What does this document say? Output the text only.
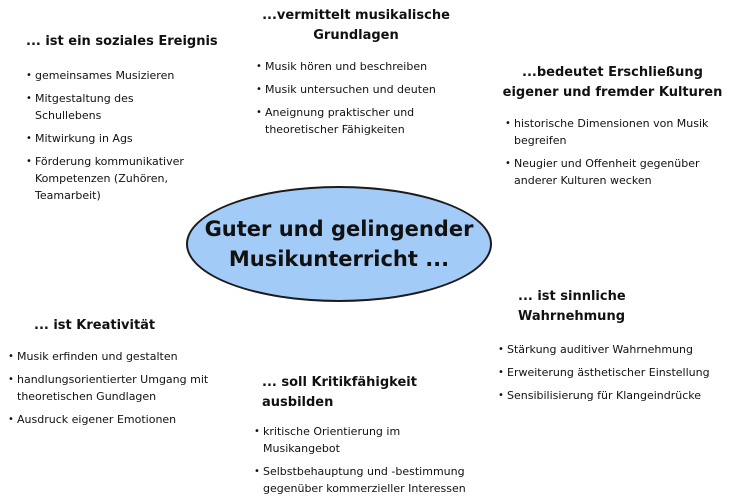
Guter und gelingender
Musikunterricht ...
... ist ein soziales Ereignis
• gemeinsames Musizieren
• Mitgestaltung des Schullebens
• Mitwirkung in Ags
• Förderung kommunikativer Kompetenzen (Zuhören, Teamarbeit)
...vermittelt musikalische
Grundlagen
• Musik hören und beschreiben
• Musik untersuchen und deuten
• Aneignung praktischer und theoretischer Fähigkeiten
...bedeutet Erschließung
eigener und fremder Kulturen
• historische Dimensionen von Musik begreifen
• Neugier und Offenheit gegenüber anderer Kulturen wecken
... ist sinnliche Wahrnehmung
• Stärkung auditiver Wahrnehmung
• Erweiterung ästhetischer Einstellung
• Sensibilisierung für Klangeindrücke
... ist Kreativität
• Musik erfinden und gestalten
• handlungsorientierter Umgang mit theoretischen Gundlagen
• Ausdruck eigener Emotionen
... soll Kritikfähigkeit ausbilden
• kritische Orientierung im Musikangebot
• Selbstbehauptung und -bestimmung gegenüber kommerzieller Interessen
